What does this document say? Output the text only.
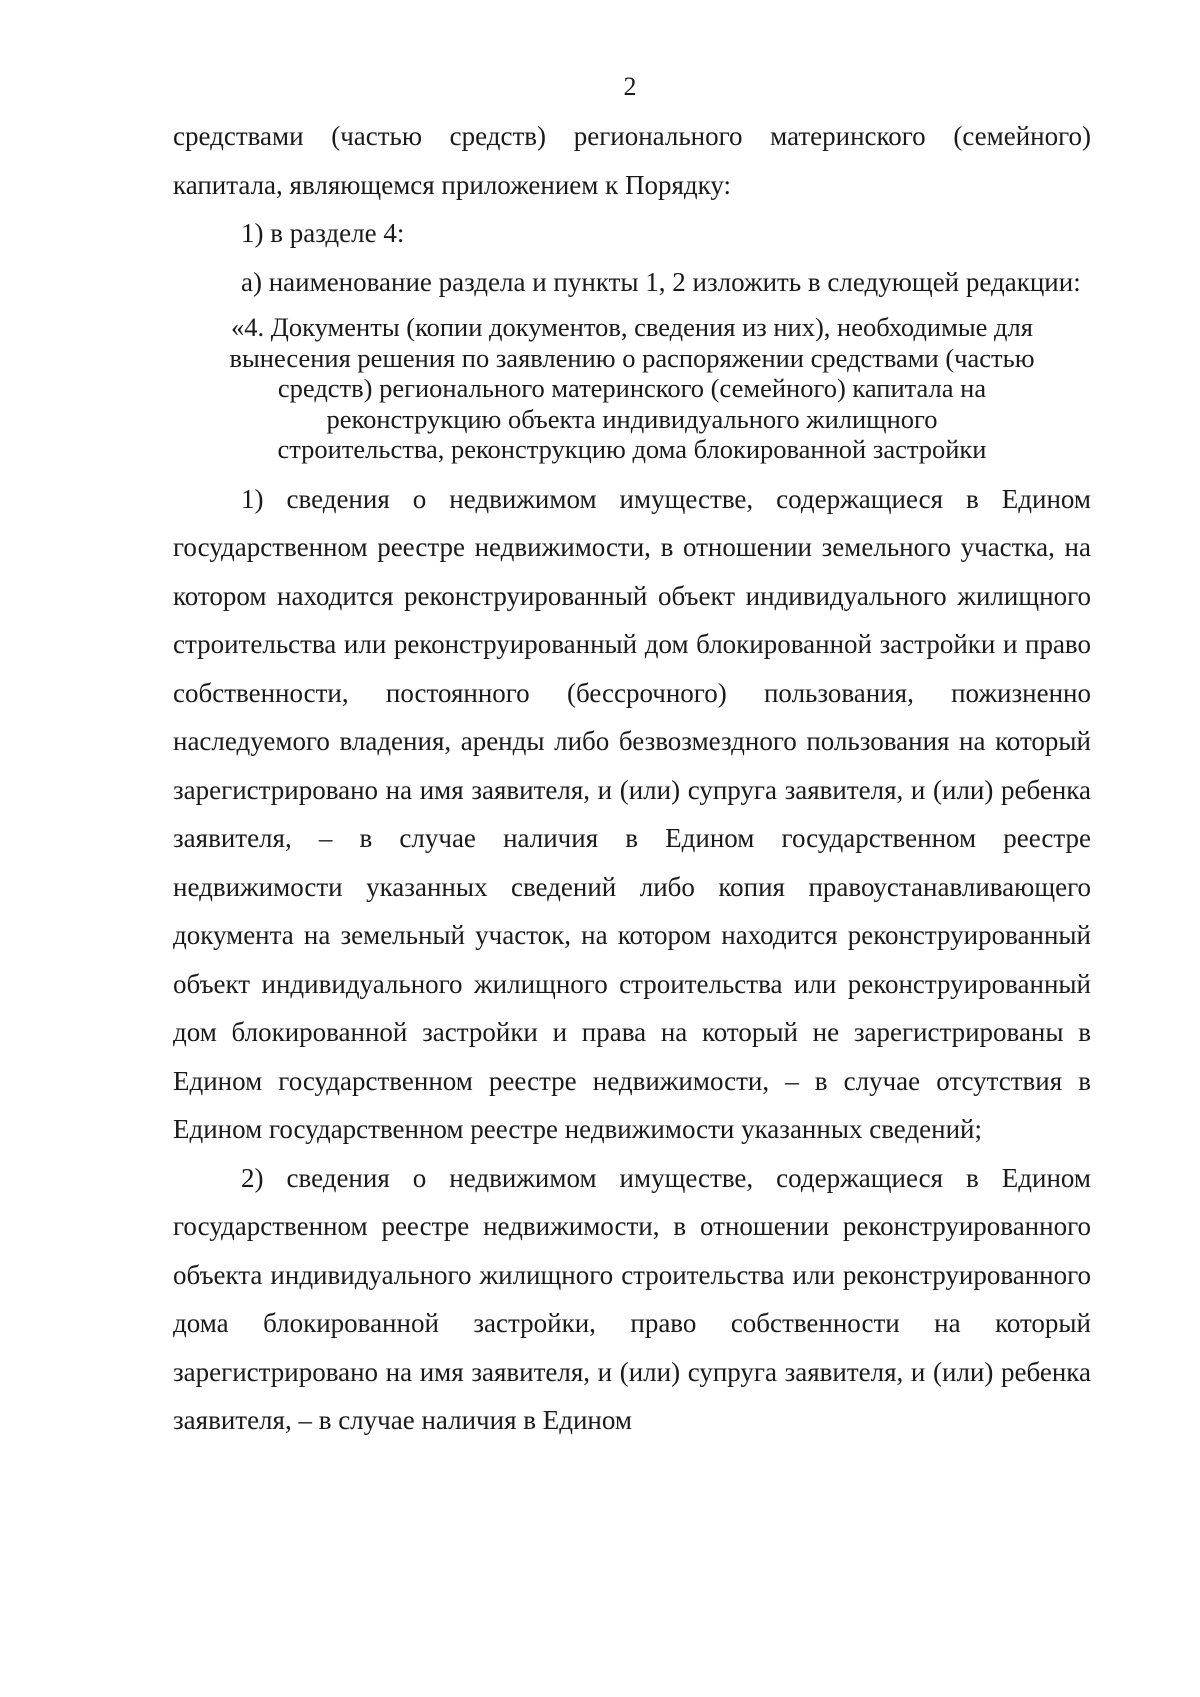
2

средствами (частью средств) регионального материнского (семейного) капитала, являющемся приложением к Порядку:

1) в разделе 4:

а) наименование раздела и пункты 1, 2 изложить в следующей редакции:

«4. Документы (копии документов, сведения из них), необходимые для
вынесения решения по заявлению о распоряжении средствами (частью
средств) регионального материнского (семейного) капитала на
реконструкцию объекта индивидуального жилищного
строительства, реконструкцию дома блокированной застройки

1) сведения о недвижимом имуществе, содержащиеся в Едином государственном реестре недвижимости, в отношении земельного участка, на котором находится реконструированный объект индивидуального жилищного строительства или реконструированный дом блокированной застройки и право собственности, постоянного (бессрочного) пользования, пожизненно наследуемого владения, аренды либо безвозмездного пользования на который зарегистрировано на имя заявителя, и (или) супруга заявителя, и (или) ребенка заявителя, – в случае наличия в Едином государственном реестре недвижимости указанных сведений либо копия правоустанавливающего документа на земельный участок, на котором находится реконструированный объект индивидуального жилищного строительства или реконструированный дом блокированной застройки и права на который не зарегистрированы в Едином государственном реестре недвижимости, – в случае отсутствия в Едином государственном реестре недвижимости указанных сведений;

2) сведения о недвижимом имуществе, содержащиеся в Едином государственном реестре недвижимости, в отношении реконструированного объекта индивидуального жилищного строительства или реконструированного дома блокированной застройки, право собственности на который зарегистрировано на имя заявителя, и (или) супруга заявителя, и (или) ребенка заявителя, – в случае наличия в Едином
